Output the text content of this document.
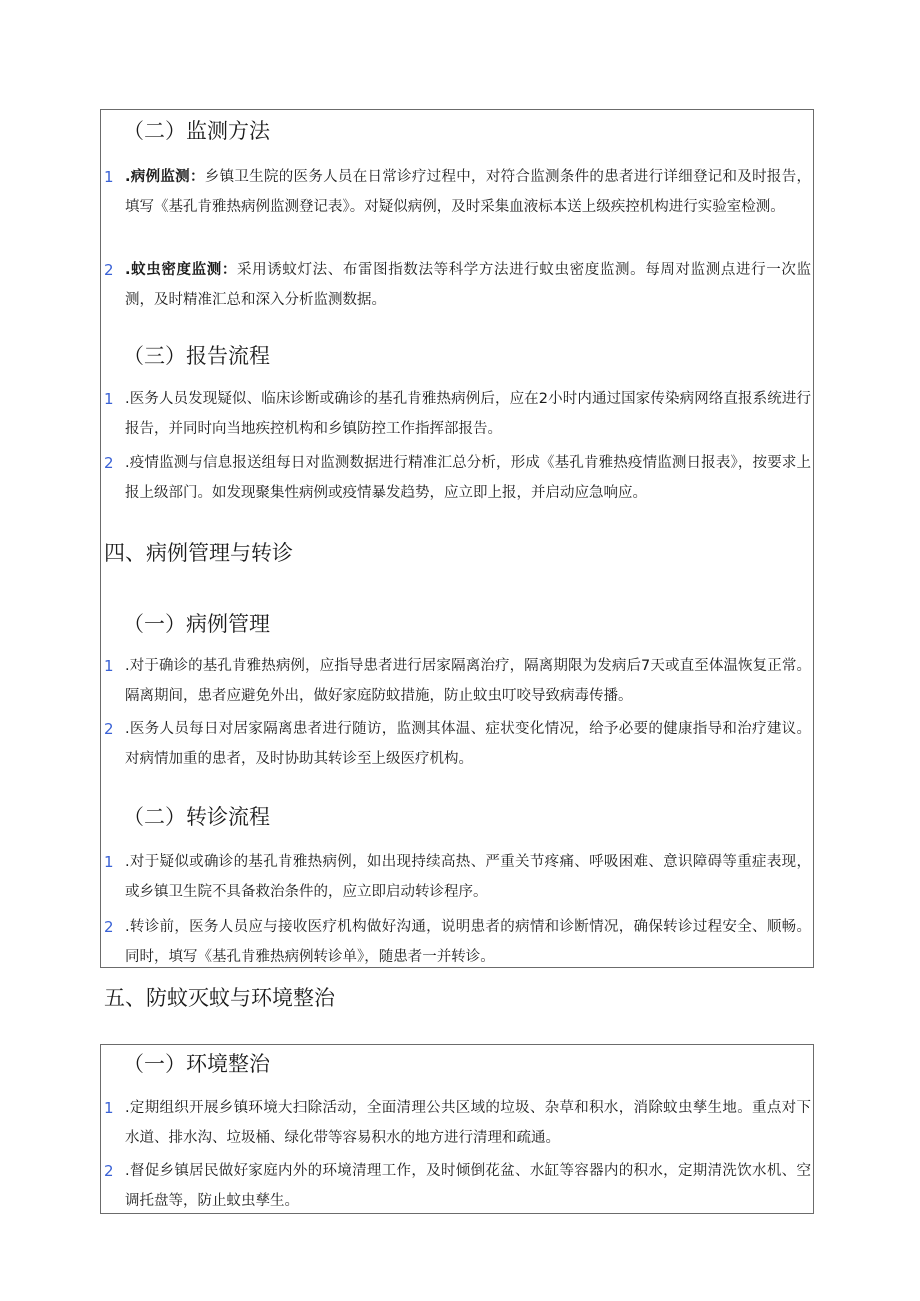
（二）监测方法
1 .病例监测：乡镇卫生院的医务人员在日常诊疗过程中，对符合监测条件的患者进行详细登记和及时报告，填写《基孔肯雅热病例监测登记表》。对疑似病例，及时采集血液标本送上级疾控机构进行实验室检测。
2 .蚊虫密度监测：采用诱蚊灯法、布雷图指数法等科学方法进行蚊虫密度监测。每周对监测点进行一次监测，及时精准汇总和深入分析监测数据。
（三）报告流程
1 .医务人员发现疑似、临床诊断或确诊的基孔肯雅热病例后，应在2小时内通过国家传染病网络直报系统进行报告，并同时向当地疾控机构和乡镇防控工作指挥部报告。
2 .疫情监测与信息报送组每日对监测数据进行精准汇总分析，形成《基孔肯雅热疫情监测日报表》，按要求上报上级部门。如发现聚集性病例或疫情暴发趋势，应立即上报，并启动应急响应。
四、病例管理与转诊
（一）病例管理
1 .对于确诊的基孔肯雅热病例，应指导患者进行居家隔离治疗，隔离期限为发病后7天或直至体温恢复正常。隔离期间，患者应避免外出，做好家庭防蚊措施，防止蚊虫叮咬导致病毒传播。
2 .医务人员每日对居家隔离患者进行随访，监测其体温、症状变化情况，给予必要的健康指导和治疗建议。对病情加重的患者，及时协助其转诊至上级医疗机构。
（二）转诊流程
1 .对于疑似或确诊的基孔肯雅热病例，如出现持续高热、严重关节疼痛、呼吸困难、意识障碍等重症表现，或乡镇卫生院不具备救治条件的，应立即启动转诊程序。
2 .转诊前，医务人员应与接收医疗机构做好沟通，说明患者的病情和诊断情况，确保转诊过程安全、顺畅。同时，填写《基孔肯雅热病例转诊单》，随患者一并转诊。
五、防蚊灭蚊与环境整治
（一）环境整治
1 .定期组织开展乡镇环境大扫除活动，全面清理公共区域的垃圾、杂草和积水，消除蚊虫孳生地。重点对下水道、排水沟、垃圾桶、绿化带等容易积水的地方进行清理和疏通。
2 .督促乡镇居民做好家庭内外的环境清理工作，及时倾倒花盆、水缸等容器内的积水，定期清洗饮水机、空调托盘等，防止蚊虫孳生。
